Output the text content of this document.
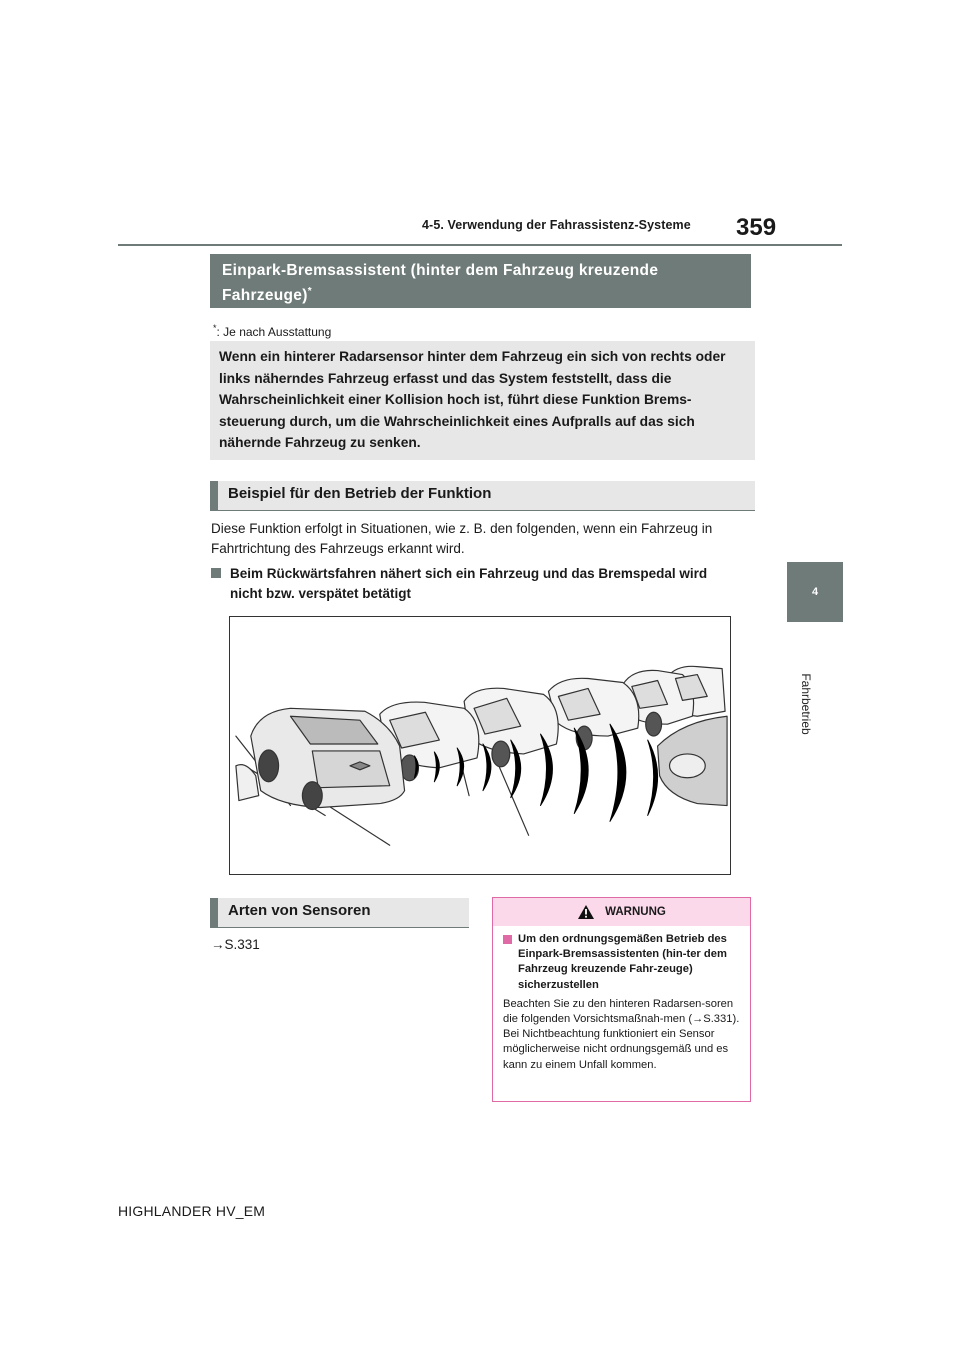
359
4-5. Verwendung der Fahrassistenz-Systeme
4
Fahrbetrieb
Einpark-Bremsassistent (hinter dem Fahrzeug kreuzende Fahrzeuge)*
*: Je nach Ausstattung
Wenn ein hinterer Radarsensor hinter dem Fahrzeug ein sich von rechts oder links näherndes Fahrzeug erfasst und das System feststellt, dass die Wahrscheinlichkeit einer Kollision hoch ist, führt diese Funktion Brems-steuerung durch, um die Wahrscheinlichkeit eines Aufpralls auf das sich nähernde Fahrzeug zu senken.
Beispiel für den Betrieb der Funktion
Diese Funktion erfolgt in Situationen, wie z. B. den folgenden, wenn ein Fahrzeug in
Fahrtrichtung des Fahrzeugs erkannt wird.
Beim Rückwärtsfahren nähert sich ein Fahrzeug und das Bremspedal wird
nicht bzw. verspätet betätigt
Arten von Sensoren
→S.331
WARNUNG
Um den ordnungsgemäßen Betrieb des Einpark-Bremsassistenten (hin-ter dem Fahrzeug kreuzende Fahr-zeuge) sicherzustellen
Beachten Sie zu den hinteren Radarsen-soren die folgenden Vorsichtsmaßnah-men (→S.331). Bei Nichtbeachtung funktioniert ein Sensor möglicherweise nicht ordnungsgemäß und es kann zu einem Unfall kommen.
HIGHLANDER HV_EM
